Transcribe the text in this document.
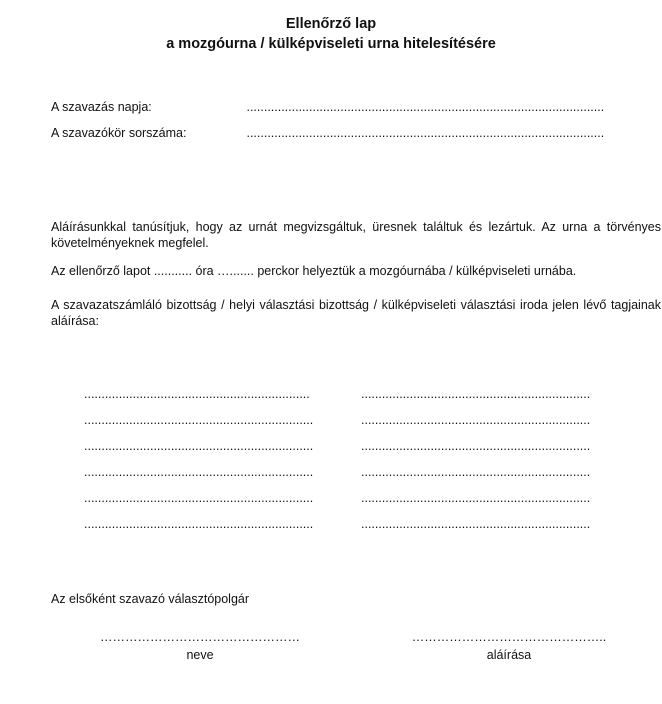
Ellenőrző lap
a mozgóurna / külképviseleti urna hitelesítésére
A szavazás napja:	.......................................................................................................
A szavazókör sorszáma:	.......................................................................................................
Aláírásunkkal tanúsítjuk, hogy az urnát megvizsgáltuk, üresnek találtuk és lezártuk. Az urna a törvényes követelményeknek megfelel.
Az ellenőrző lapot ........... óra …....... perckor helyeztük a mozgóurnába / külképviseleti urnába.
A szavazatszámláló bizottság / helyi választási bizottság / külképviseleti választási iroda jelen lévő tagjainak aláírása:
.................................................................
..................................................................
..................................................................
..................................................................
..................................................................
..................................................................
..................................................................
..................................................................
..................................................................
..................................................................
..................................................................
..................................................................
Az elsőként szavazó választópolgár
…………………………………………
neve
………………………………………..
aláírása
